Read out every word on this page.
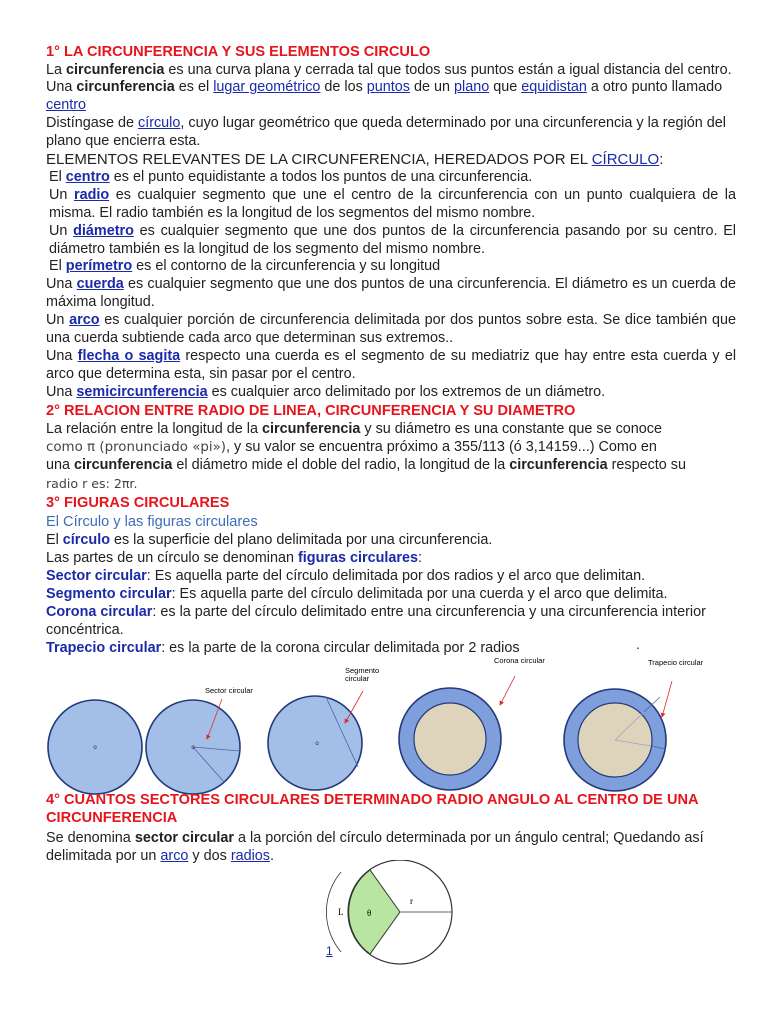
1° LA CIRCUNFERENCIA Y SUS ELEMENTOS CIRCULO
La circunferencia es una curva plana y cerrada tal que todos sus puntos están a igual distancia del centro. Una circunferencia es el lugar geométrico de los puntos de un plano que equidistan a otro punto llamado centro
Distíngase de círculo, cuyo lugar geométrico que queda determinado por una circunferencia y la región del plano que encierra esta.
ELEMENTOS RELEVANTES DE LA CIRCUNFERENCIA, HEREDADOS POR EL CÍRCULO:
El centro es el punto equidistante a todos los puntos de una circunferencia.
Un radio es cualquier segmento que une el centro de la circunferencia con un punto cualquiera de la misma. El radio también es la longitud de los segmentos del mismo nombre.
Un diámetro es cualquier segmento que une dos puntos de la circunferencia pasando por su centro. El diámetro también es la longitud de los segmento del mismo nombre.
El perímetro es el contorno de la circunferencia y su longitud
Una cuerda es cualquier segmento que une dos puntos de una circunferencia. El diámetro es un cuerda de máxima longitud.
Un arco es cualquier porción de circunferencia delimitada por dos puntos sobre esta. Se dice también que una cuerda subtiende cada arco que determinan sus extremos..
Una flecha o sagita respecto una cuerda es el segmento de su mediatriz que hay entre esta cuerda y el arco que determina esta, sin pasar por el centro.
Una semicircunferencia es cualquier arco delimitado por los extremos de un diámetro.
2° RELACION ENTRE RADIO DE LINEA, CIRCUNFERENCIA Y SU DIAMETRO
La relación entre la longitud de la circunferencia y su diámetro es una constante que se conoce
como π (pronunciado «pi»), y su valor se encuentra próximo a 355/113 (ó 3,14159...) Como en
una circunferencia el diámetro mide el doble del radio, la longitud de la circunferencia respecto su
radio r es: 2πr.
3° FIGURAS CIRCULARES
El Círculo y las figuras circulares
El círculo es la superficie del plano delimitada por una circunferencia.
Las partes de un círculo se denominan figuras circulares:
Sector circular: Es aquella parte del círculo delimitada por dos radios y el arco que delimitan.
Segmento circular: Es aquella parte del círculo delimitada por una cuerda y el arco que delimita.
Corona circular: es la parte del círculo delimitado entre una circunferencia y una circunferencia interior concéntrica.
Trapecio circular: es la parte de la corona circular delimitada por 2 radios	.
o	o
Sector circular
o
Segmento
circular
Corona circular	Trapecio circular
4° CUANTOS SECTORES CIRCULARES DETERMINADO RADIO ANGULO AL CENTRO DE UNA
CIRCUNFERENCIA
Se denomina sector circular a la porción del círculo determinada por un ángulo central; Quedando así delimitada por un arco y dos radios.
L	θ
r
1
